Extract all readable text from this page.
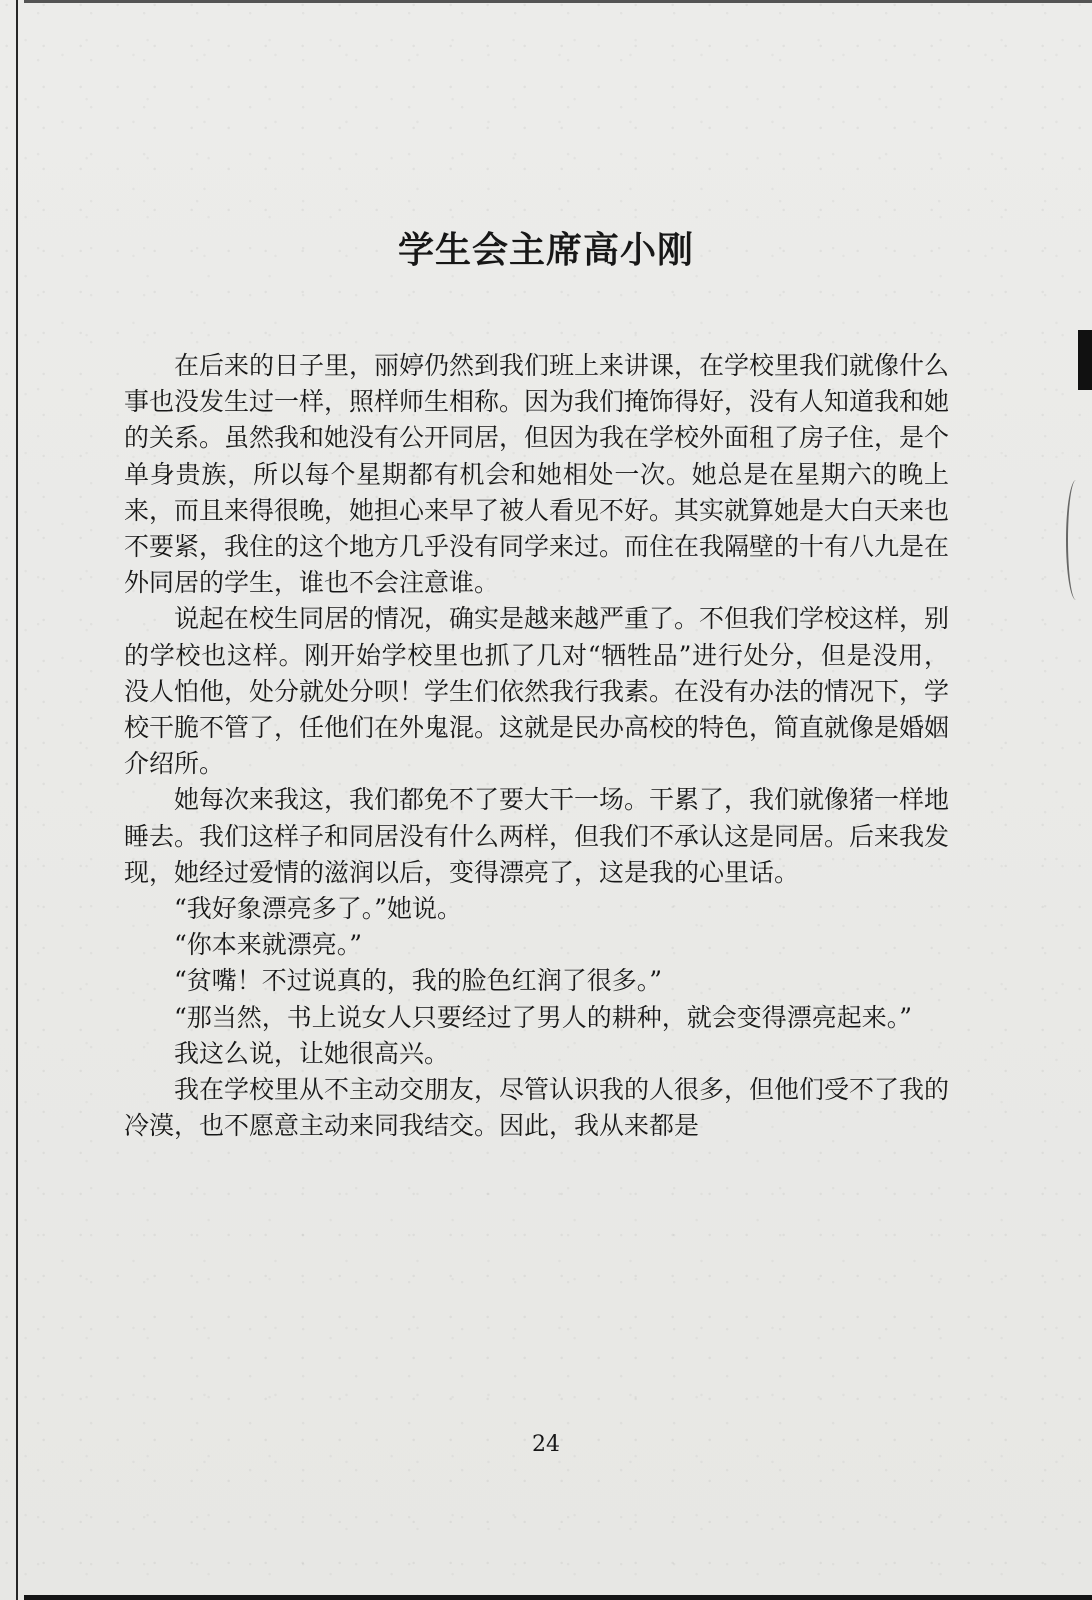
学生会主席高小刚

在后来的日子里，丽婷仍然到我们班上来讲课，在学校里我们就像什么事也没发生过一样，照样师生相称。因为我们掩饰得好，没有人知道我和她的关系。虽然我和她没有公开同居，但因为我在学校外面租了房子住，是个单身贵族，所以每个星期都有机会和她相处一次。她总是在星期六的晚上来，而且来得很晚，她担心来早了被人看见不好。其实就算她是大白天来也不要紧，我住的这个地方几乎没有同学来过。而住在我隔壁的十有八九是在外同居的学生，谁也不会注意谁。

说起在校生同居的情况，确实是越来越严重了。不但我们学校这样，别的学校也这样。刚开始学校里也抓了几对“牺牲品”进行处分，但是没用，没人怕他，处分就处分呗！学生们依然我行我素。在没有办法的情况下，学校干脆不管了，任他们在外鬼混。这就是民办高校的特色，简直就像是婚姻介绍所。

她每次来我这，我们都免不了要大干一场。干累了，我们就像猪一样地睡去。我们这样子和同居没有什么两样，但我们不承认这是同居。后来我发现，她经过爱情的滋润以后，变得漂亮了，这是我的心里话。

“我好象漂亮多了。”她说。

“你本来就漂亮。”

“贫嘴！不过说真的，我的脸色红润了很多。”

“那当然，书上说女人只要经过了男人的耕种，就会变得漂亮起来。”

我这么说，让她很高兴。

我在学校里从不主动交朋友，尽管认识我的人很多，但他们受不了我的冷漠，也不愿意主动来同我结交。因此，我从来都是

24
